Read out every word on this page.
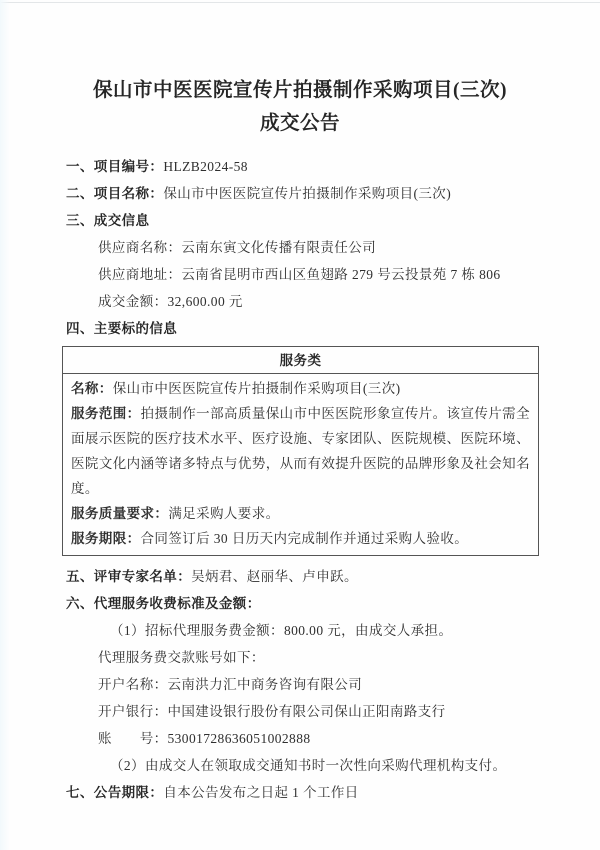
保山市中医医院宣传片拍摄制作采购项目(三次)
成交公告

一、项目编号：HLZB2024-58

二、项目名称：保山市中医医院宣传片拍摄制作采购项目(三次)

三、成交信息

供应商名称：云南东寅文化传播有限责任公司

供应商地址：云南省昆明市西山区鱼翅路 279 号云投景苑 7 栋 806

成交金额：32,600.00 元

四、主要标的信息

服务类

名称：保山市中医医院宣传片拍摄制作采购项目(三次)

服务范围：拍摄制作一部高质量保山市中医医院形象宣传片。该宣传片需全面展示医院的医疗技术水平、医疗设施、专家团队、医院规模、医院环境、医院文化内涵等诸多特点与优势，从而有效提升医院的品牌形象及社会知名度。

服务质量要求：满足采购人要求。

服务期限：合同签订后 30 日历天内完成制作并通过采购人验收。

五、评审专家名单：吴炳君、赵丽华、卢申跃。

六、代理服务收费标准及金额：

（1）招标代理服务费金额：800.00 元，由成交人承担。

代理服务费交款账号如下：

开户名称：云南洪力汇中商务咨询有限公司

开户银行：中国建设银行股份有限公司保山正阳南路支行

账　　号：53001728636051002888

（2）由成交人在领取成交通知书时一次性向采购代理机构支付。

七、公告期限：自本公告发布之日起 1 个工作日
